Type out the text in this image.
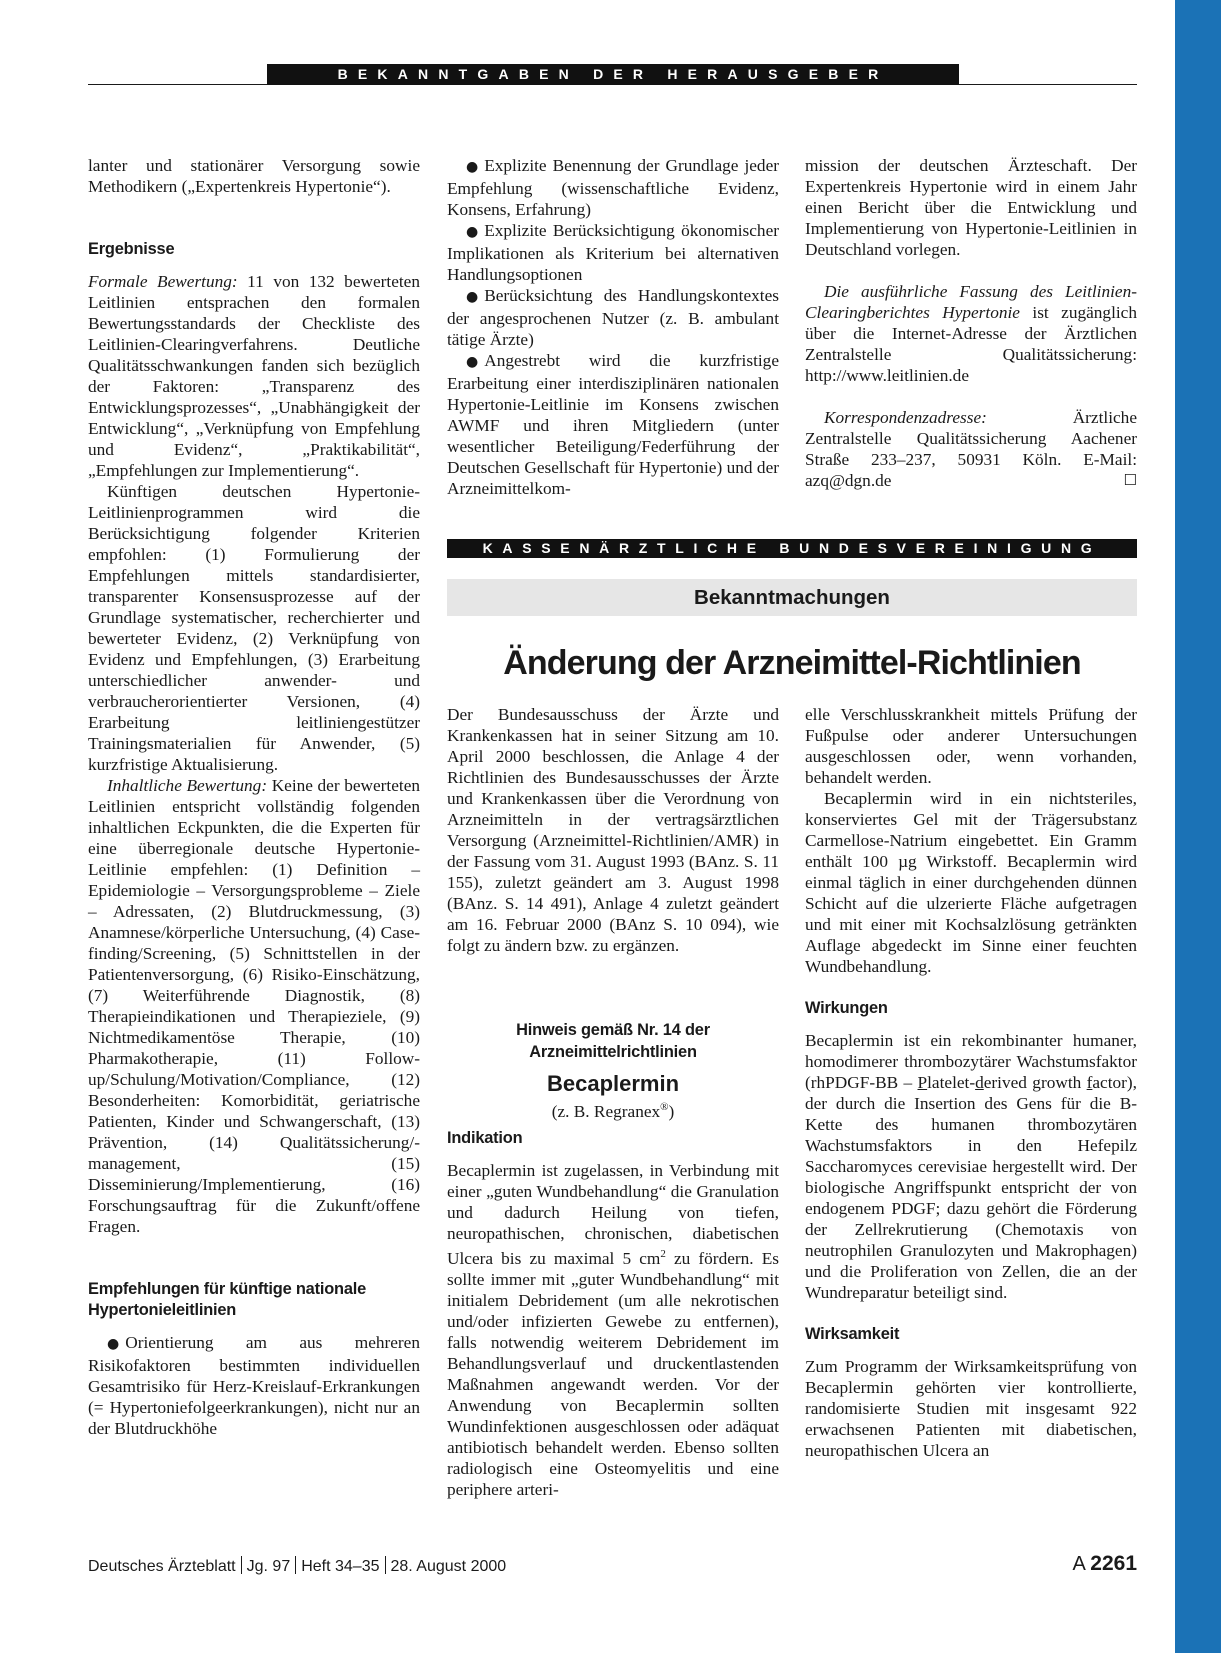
BEKANNTGABEN DER HERAUSGEBER

lanter und stationärer Versorgung sowie Methodikern („Expertenkreis Hypertonie“).

Ergebnisse

Formale Bewertung: 11 von 132 bewerteten Leitlinien entsprachen den formalen Bewertungsstandards der Checkliste des Leitlinien-Clearingverfahrens. Deutliche Qualitätsschwankungen fanden sich bezüglich der Faktoren: „Transparenz des Entwicklungsprozesses“, „Unabhängigkeit der Entwicklung“, „Verknüpfung von Empfehlung und Evidenz“, „Praktikabilität“, „Empfehlungen zur Implementierung“.

Künftigen deutschen Hypertonie-Leitlinienprogrammen wird die Berücksichtigung folgender Kriterien empfohlen: (1) Formulierung der Empfehlungen mittels standardisierter, transparenter Konsensusprozesse auf der Grundlage systematischer, recherchierter und bewerteter Evidenz, (2) Verknüpfung von Evidenz und Empfehlungen, (3) Erarbeitung unterschiedlicher anwender- und verbraucherorientierter Versionen, (4) Erarbeitung leitliniengestützer Trainingsmaterialien für Anwender, (5) kurzfristige Aktualisierung.

Inhaltliche Bewertung: Keine der bewerteten Leitlinien entspricht vollständig folgenden inhaltlichen Eckpunkten, die die Experten für eine überregionale deutsche Hypertonie-Leitlinie empfehlen: (1) Definition – Epidemiologie – Versorgungsprobleme – Ziele – Adressaten, (2) Blutdruckmessung, (3) Anamnese/körperliche Untersuchung, (4) Case-finding/Screening, (5) Schnittstellen in der Patientenversorgung, (6) Risiko-Einschätzung, (7) Weiterführende Diagnostik, (8) Therapieindikationen und Therapieziele, (9) Nichtmedikamentöse Therapie, (10) Pharmakotherapie, (11) Follow-up/Schulung/Motivation/Compliance, (12) Besonderheiten: Komorbidität, geriatrische Patienten, Kinder und Schwangerschaft, (13) Prävention, (14) Qualitätssicherung/-management, (15) Disseminierung/Implementierung, (16) Forschungsauftrag für die Zukunft/offene Fragen.

Empfehlungen für künftige nationale Hypertonieleitlinien

● Orientierung am aus mehreren Risikofaktoren bestimmten individuellen Gesamtrisiko für Herz-Kreislauf-Erkrankungen (= Hypertoniefolgeerkrankungen), nicht nur an der Blutdruckhöhe

● Explizite Benennung der Grundlage jeder Empfehlung (wissenschaftliche Evidenz, Konsens, Erfahrung)

● Explizite Berücksichtigung ökonomischer Implikationen als Kriterium bei alternativen Handlungsoptionen

● Berücksichtung des Handlungskontextes der angesprochenen Nutzer (z. B. ambulant tätige Ärzte)

● Angestrebt wird die kurzfristige Erarbeitung einer interdisziplinären nationalen Hypertonie-Leitlinie im Konsens zwischen AWMF und ihren Mitgliedern (unter wesentlicher Beteiligung/Federführung der Deutschen Gesellschaft für Hypertonie) und der Arzneimittelkom-

mission der deutschen Ärzteschaft. Der Expertenkreis Hypertonie wird in einem Jahr einen Bericht über die Entwicklung und Implementierung von Hypertonie-Leitlinien in Deutschland vorlegen.

Die ausführliche Fassung des Leitlinien-Clearingberichtes Hypertonie ist zugänglich über die Internet-Adresse der Ärztlichen Zentralstelle Qualitätssicherung: http://www.leitlinien.de

Korrespondenzadresse: Ärztliche Zentralstelle Qualitätssicherung Aachener Straße 233–237, 50931 Köln. E-Mail: azq@dgn.de	☐

KASSENÄRZTLICHE BUNDESVEREINIGUNG
Bekanntmachungen
Änderung der Arzneimittel-Richtlinien

Der Bundesausschuss der Ärzte und Krankenkassen hat in seiner Sitzung am 10. April 2000 beschlossen, die Anlage 4 der Richtlinien des Bundesausschusses der Ärzte und Krankenkassen über die Verordnung von Arzneimitteln in der vertragsärztlichen Versorgung (Arzneimittel-Richtlinien/AMR) in der Fassung vom 31. August 1993 (BAnz. S. 11 155), zuletzt geändert am 3. August 1998 (BAnz. S. 14 491), Anlage 4 zuletzt geändert am 16. Februar 2000 (BAnz S. 10 094), wie folgt zu ändern bzw. zu ergänzen.

Hinweis gemäß Nr. 14 der

Arzneimittelrichtlinien

Becaplermin

(z. B. Regranex®)

Indikation

Becaplermin ist zugelassen, in Verbindung mit einer „guten Wundbehandlung“ die Granulation und dadurch Heilung von tiefen, neuropathischen, chronischen, diabetischen Ulcera bis zu maximal 5 $cm^2$ zu fördern. Es sollte immer mit „guter Wundbehandlung“ mit initialem Debridement (um alle nekrotischen und/oder infizierten Gewebe zu entfernen), falls notwendig weiterem Debridement im Behandlungsverlauf und druckentlastenden Maßnahmen angewandt werden. Vor der Anwendung von Becaplermin sollten Wundinfektionen ausgeschlossen oder adäquat antibiotisch behandelt werden. Ebenso sollten radiologisch eine Osteomyelitis und eine periphere arteri-

elle Verschlusskrankheit mittels Prüfung der Fußpulse oder anderer Untersuchungen ausgeschlossen oder, wenn vorhanden, behandelt werden.

Becaplermin wird in ein nichtsteriles, konserviertes Gel mit der Trägersubstanz Carmellose-Natrium eingebettet. Ein Gramm enthält 100 µg Wirkstoff. Becaplermin wird einmal täglich in einer durchgehenden dünnen Schicht auf die ulzerierte Fläche aufgetragen und mit einer mit Kochsalzlösung getränkten Auflage abgedeckt im Sinne einer feuchten Wundbehandlung.

Wirkungen

Becaplermin ist ein rekombinanter humaner, homodimerer thrombozytärer Wachstumsfaktor (rhPDGF-BB – Platelet-derived growth factor), der durch die Insertion des Gens für die B-Kette des humanen thrombozytären Wachstumsfaktors in den Hefepilz Saccharomyces cerevisiae hergestellt wird. Der biologische Angriffspunkt entspricht der von endogenem PDGF; dazu gehört die Förderung der Zellrekrutierung (Chemotaxis von neutrophilen Granulozyten und Makrophagen) und die Proliferation von Zellen, die an der Wundreparatur beteiligt sind.

Wirksamkeit

Zum Programm der Wirksamkeitsprüfung von Becaplermin gehörten vier kontrollierte, randomisierte Studien mit insgesamt 922 erwachsenen Patienten mit diabetischen, neuropathischen Ulcera an

Deutsches Ärzteblatt Jg. 97 Heft 34–35 28. August 2000	A 2261
